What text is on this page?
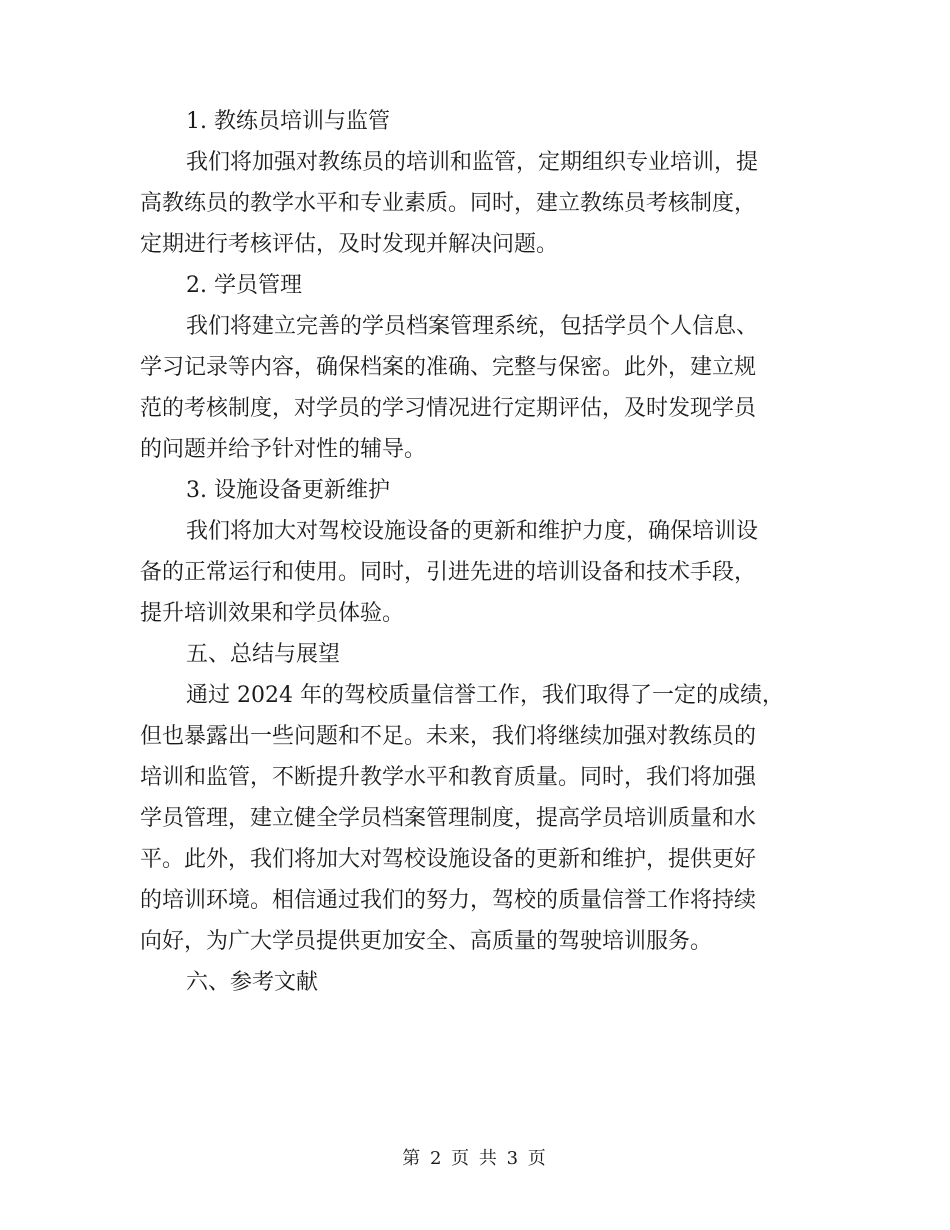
1. 教练员培训与监管
我们将加强对教练员的培训和监管，定期组织专业培训，提
高教练员的教学水平和专业素质。同时，建立教练员考核制度，
定期进行考核评估，及时发现并解决问题。
2. 学员管理
我们将建立完善的学员档案管理系统，包括学员个人信息、
学习记录等内容，确保档案的准确、完整与保密。此外，建立规
范的考核制度，对学员的学习情况进行定期评估，及时发现学员
的问题并给予针对性的辅导。
3. 设施设备更新维护
我们将加大对驾校设施设备的更新和维护力度，确保培训设
备的正常运行和使用。同时，引进先进的培训设备和技术手段，
提升培训效果和学员体验。
五、总结与展望
通过 2024 年的驾校质量信誉工作，我们取得了一定的成绩，
但也暴露出一些问题和不足。未来，我们将继续加强对教练员的
培训和监管，不断提升教学水平和教育质量。同时，我们将加强
学员管理，建立健全学员档案管理制度，提高学员培训质量和水
平。此外，我们将加大对驾校设施设备的更新和维护，提供更好
的培训环境。相信通过我们的努力，驾校的质量信誉工作将持续
向好，为广大学员提供更加安全、高质量的驾驶培训服务。
六、参考文献
第 2 页 共 3 页
